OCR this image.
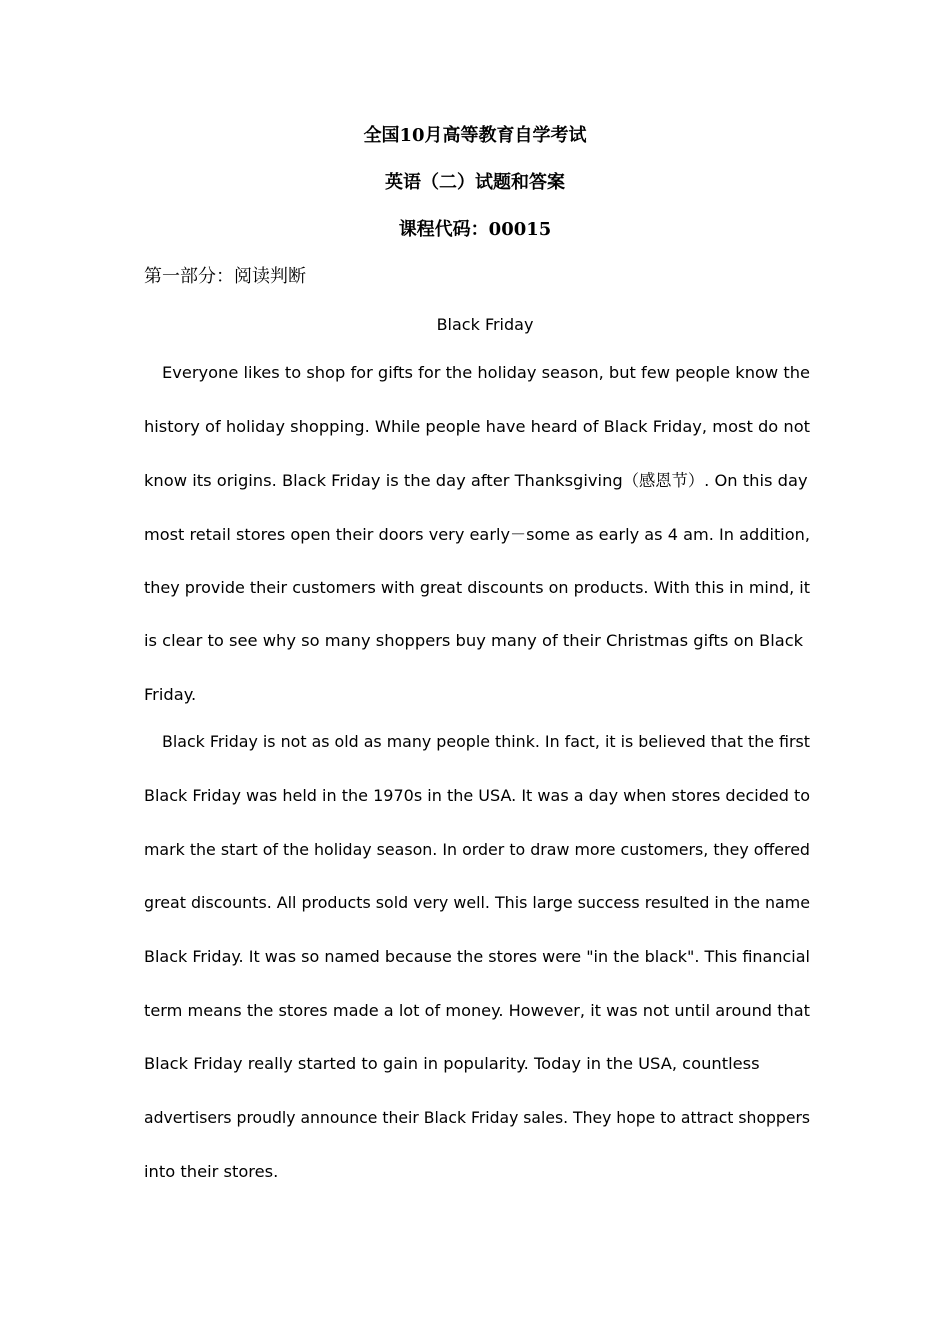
全国10月高等教育自学考试
英语（二）试题和答案
课程代码：00015
第一部分：阅读判断
Black Friday
Everyone likes to shop for gifts for the holiday season, but few people know the
history of holiday shopping. While people have heard of Black Friday, most do not
know its origins. Black Friday is the day after Thanksgiving（感恩节）. On this day
most retail stores open their doors very early－some as early as 4 am. In addition,
they provide their customers with great discounts on products. With this in mind, it
is clear to see why so many shoppers buy many of their Christmas gifts on Black
Friday.
Black Friday is not as old as many people think. In fact, it is believed that the first
Black Friday was held in the 1970s in the USA. It was a day when stores decided to
mark the start of the holiday season. In order to draw more customers, they offered
great discounts. All products sold very well. This large success resulted in the name
Black Friday. It was so named because the stores were "in the black". This financial
term means the stores made a lot of money. However, it was not until around that
Black Friday really started to gain in popularity. Today in the USA, countless
advertisers proudly announce their Black Friday sales. They hope to attract shoppers
into their stores.
